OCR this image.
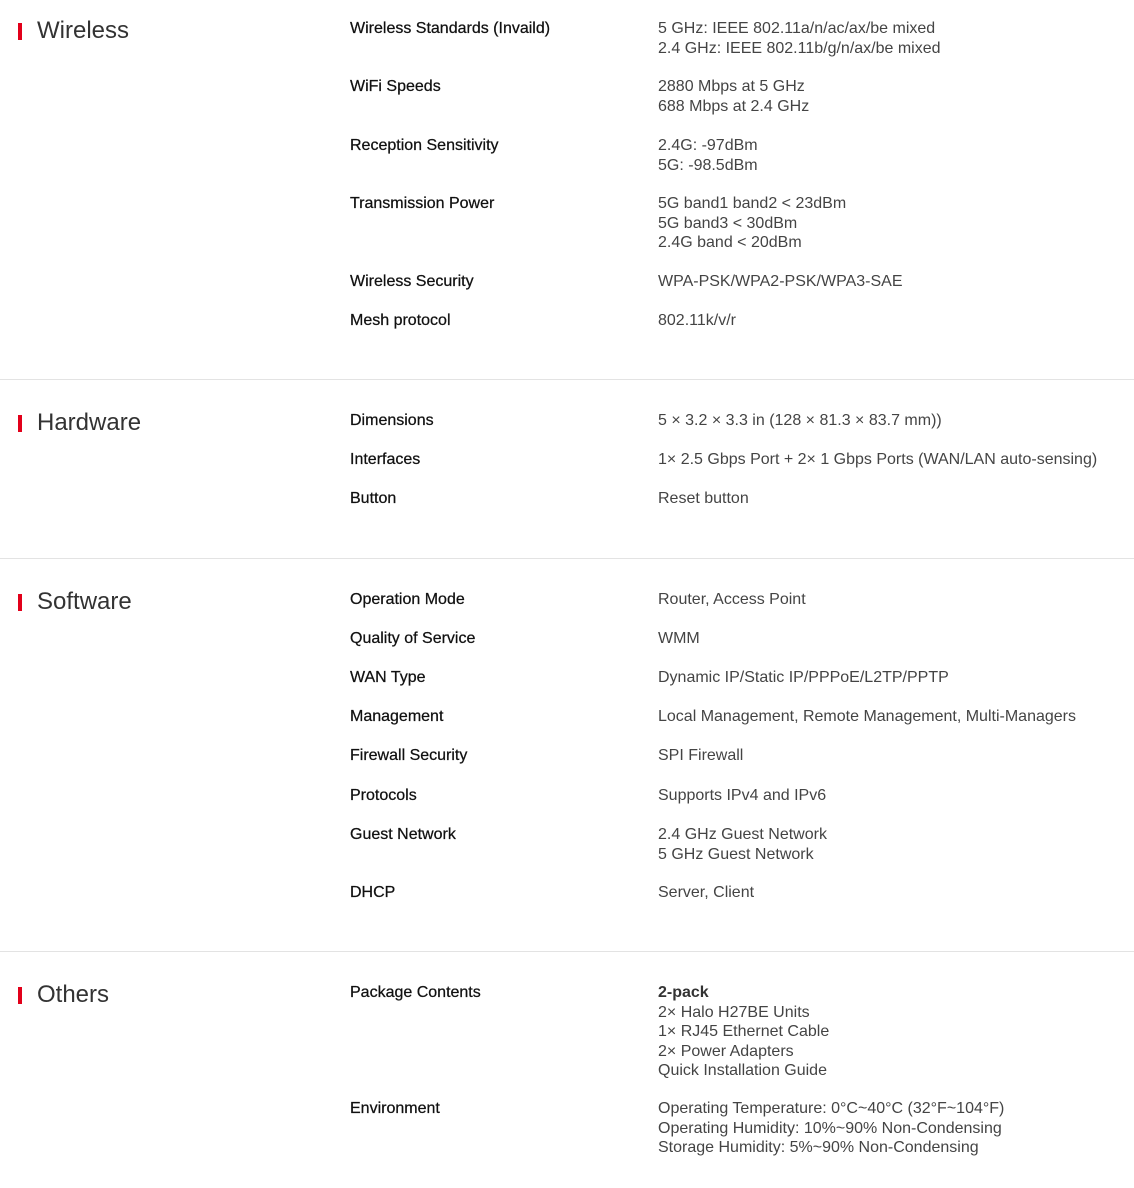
Wireless	Wireless Standards (Invaild)	5 GHz: IEEE 802.11a/n/ac/ax/be mixed
2.4 GHz: IEEE 802.11b/g/n/ax/be mixed
WiFi Speeds	2880 Mbps at 5 GHz
688 Mbps at 2.4 GHz
Reception Sensitivity	2.4G: -97dBm
5G: -98.5dBm
Transmission Power	5G band1 band2 < 23dBm
5G band3 < 30dBm
2.4G band < 20dBm
Wireless Security	WPA-PSK/WPA2-PSK/WPA3-SAE
Mesh protocol	802.11k/v/r
Hardware	Dimensions	5 × 3.2 × 3.3 in (128 × 81.3 × 83.7 mm))
Interfaces	1× 2.5 Gbps Port + 2× 1 Gbps Ports (WAN/LAN auto-sensing)
Button	Reset button
Software	Operation Mode	Router, Access Point
Quality of Service	WMM
WAN Type	Dynamic IP/Static IP/PPPoE/L2TP/PPTP
Management	Local Management, Remote Management, Multi-Managers
Firewall Security	SPI Firewall
Protocols	Supports IPv4 and IPv6
Guest Network	2.4 GHz Guest Network
5 GHz Guest Network
DHCP	Server, Client
Others	Package Contents	2-pack
2× Halo H27BE Units
1× RJ45 Ethernet Cable
2× Power Adapters
Quick Installation Guide
Environment	Operating Temperature: 0°C~40°C (32°F~104°F)
Operating Humidity: 10%~90% Non-Condensing
Storage Humidity: 5%~90% Non-Condensing
